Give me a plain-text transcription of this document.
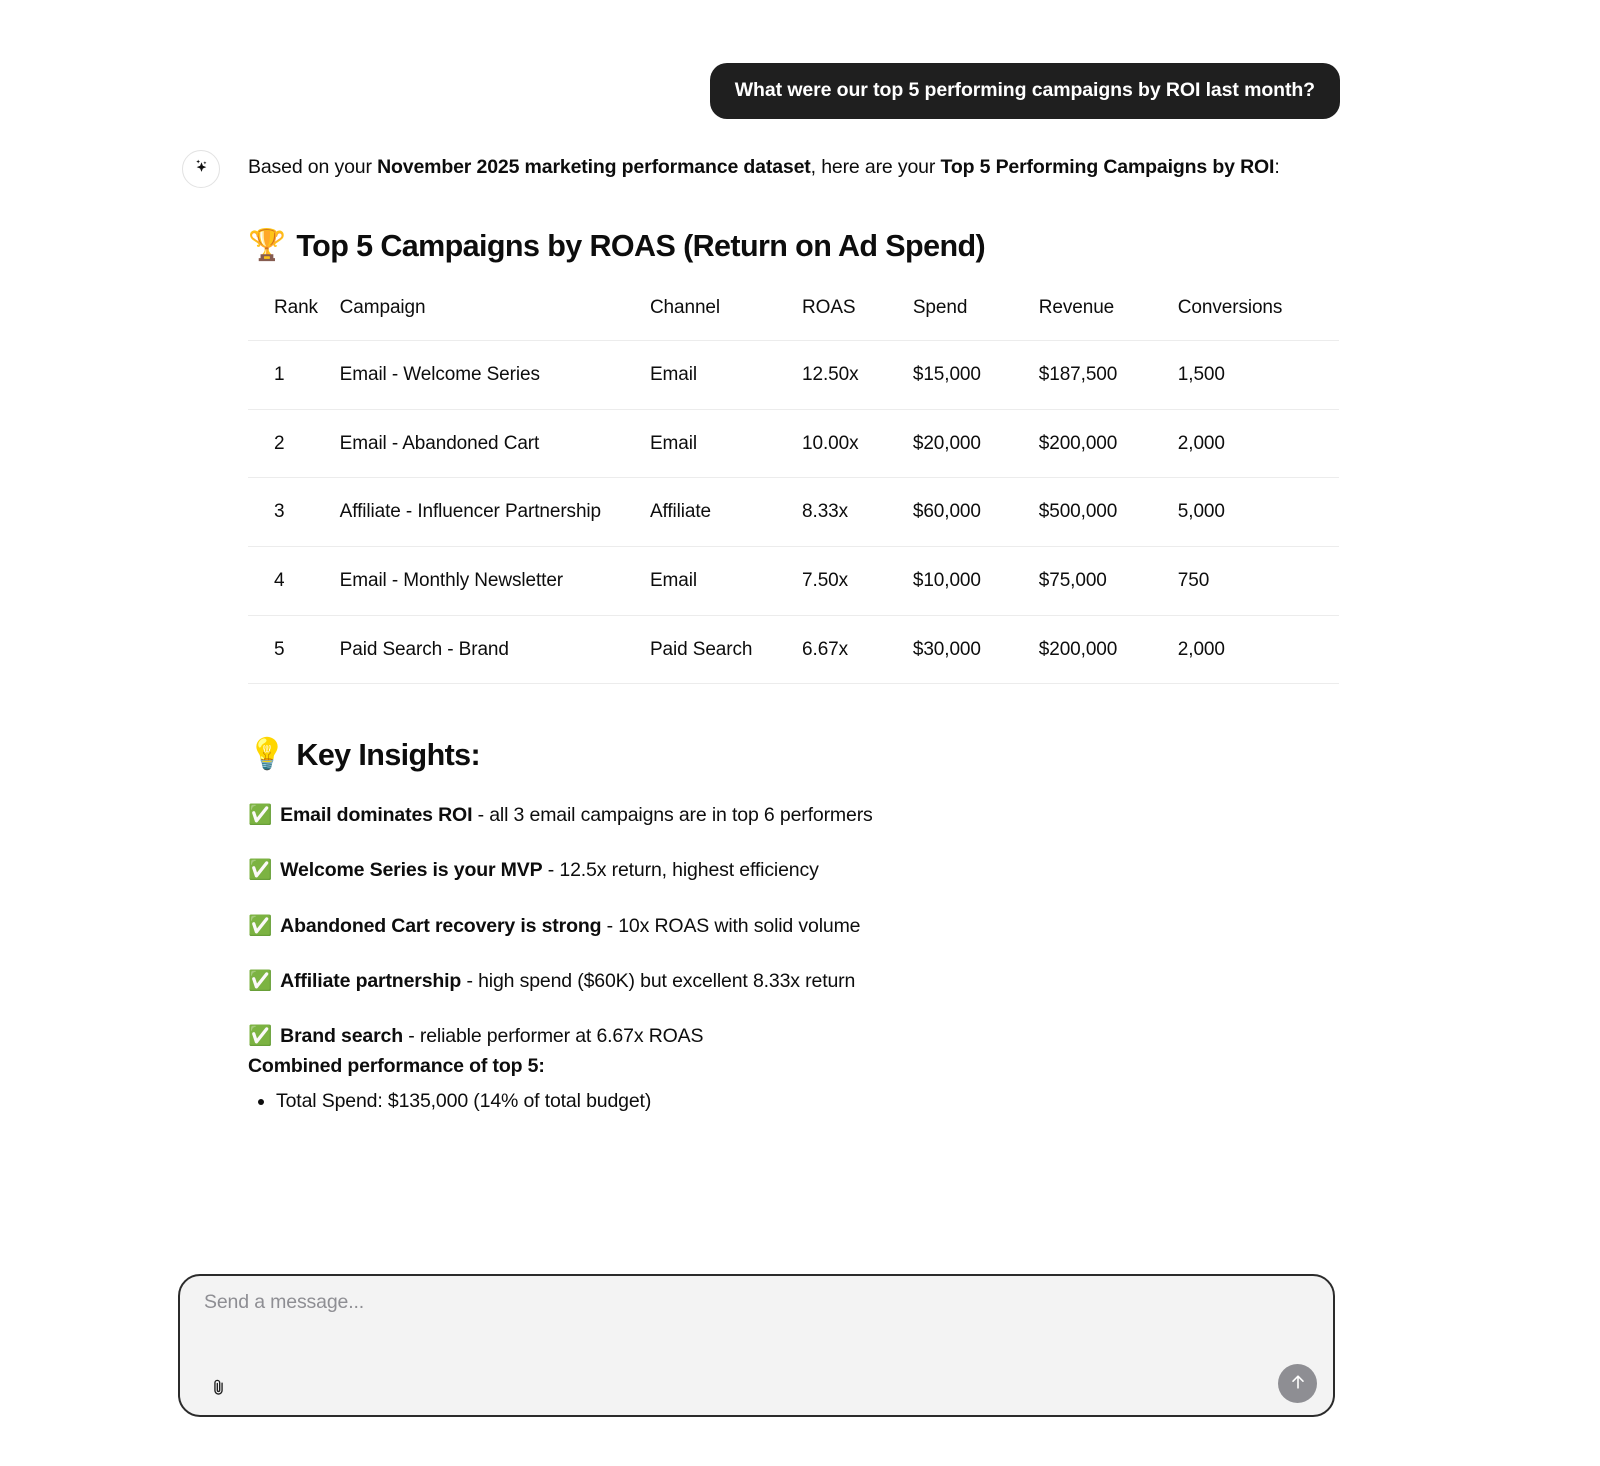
What were our top 5 performing campaigns by ROI last month?
Based on your November 2025 marketing performance dataset, here are your Top 5 Performing Campaigns by ROI:
🏆 Top 5 Campaigns by ROAS (Return on Ad Spend)
Rank	Campaign	Channel	ROAS	Spend	Revenue	Conversions
1	Email - Welcome Series	Email	12.50x	$15,000	$187,500	1,500
2	Email - Abandoned Cart	Email	10.00x	$20,000	$200,000	2,000
3	Affiliate - Influencer Partnership	Affiliate	8.33x	$60,000	$500,000	5,000
4	Email - Monthly Newsletter	Email	7.50x	$10,000	$75,000	750
5	Paid Search - Brand	Paid Search	6.67x	$30,000	$200,000	2,000
💡 Key Insights:
✅ Email dominates ROI - all 3 email campaigns are in top 6 performers
✅ Welcome Series is your MVP - 12.5x return, highest efficiency
✅ Abandoned Cart recovery is strong - 10x ROAS with solid volume
✅ Affiliate partnership - high spend ($60K) but excellent 8.33x return
✅ Brand search - reliable performer at 6.67x ROAS
Combined performance of top 5:
• Total Spend: $135,000 (14% of total budget)
Send a message...
